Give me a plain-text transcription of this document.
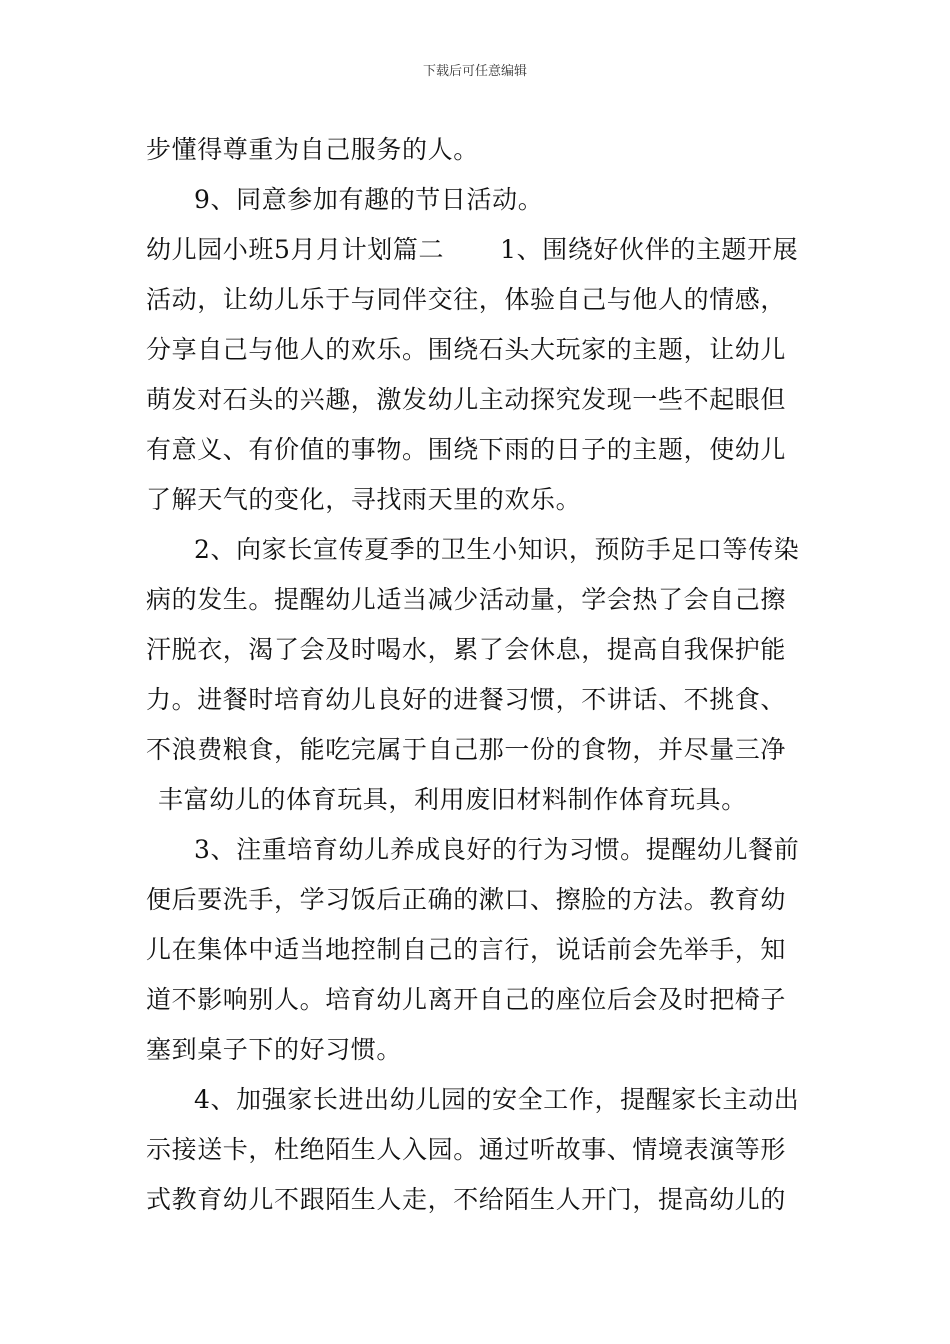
下载后可任意编辑
步懂得尊重为自己服务的人。
9、同意参加有趣的节日活动。
幼儿园小班5月月计划篇二 1、围绕好伙伴的主题开展
活动，让幼儿乐于与同伴交往，体验自己与他人的情感，
分享自己与他人的欢乐。围绕石头大玩家的主题，让幼儿
萌发对石头的兴趣，激发幼儿主动探究发现一些不起眼但
有意义、有价值的事物。围绕下雨的日子的主题，使幼儿
了解天气的变化，寻找雨天里的欢乐。
2、向家长宣传夏季的卫生小知识，预防手足口等传染
病的发生。提醒幼儿适当减少活动量，学会热了会自己擦
汗脱衣，渴了会及时喝水，累了会休息，提高自我保护能
力。进餐时培育幼儿良好的进餐习惯，不讲话、不挑食、
不浪费粮食，能吃完属于自己那一份的食物，并尽量三净
丰富幼儿的体育玩具，利用废旧材料制作体育玩具。
3、注重培育幼儿养成良好的行为习惯。提醒幼儿餐前
便后要洗手，学习饭后正确的漱口、擦脸的方法。教育幼
儿在集体中适当地控制自己的言行，说话前会先举手，知
道不影响别人。培育幼儿离开自己的座位后会及时把椅子
塞到桌子下的好习惯。
4、加强家长进出幼儿园的安全工作，提醒家长主动出
示接送卡，杜绝陌生人入园。通过听故事、情境表演等形
式教育幼儿不跟陌生人走，不给陌生人开门，提高幼儿的
